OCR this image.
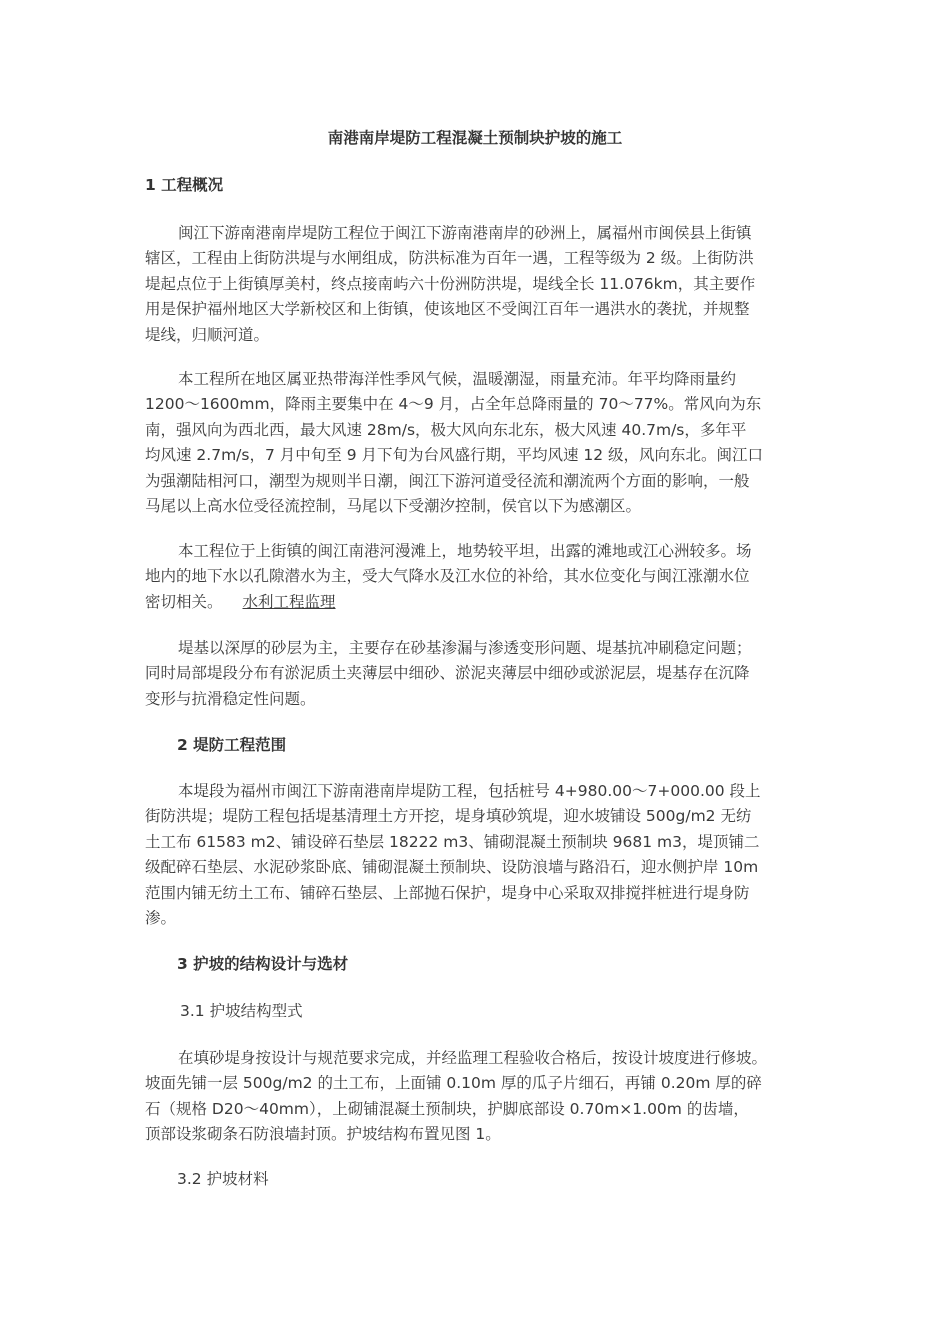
南港南岸堤防工程混凝土预制块护坡的施工
1 工程概况
闽江下游南港南岸堤防工程位于闽江下游南港南岸的砂洲上，属福州市闽侯县上街镇
辖区，工程由上街防洪堤与水闸组成，防洪标准为百年一遇，工程等级为 2 级。上街防洪
堤起点位于上街镇厚美村，终点接南屿六十份洲防洪堤，堤线全长 11.076km，其主要作
用是保护福州地区大学新校区和上街镇，使该地区不受闽江百年一遇洪水的袭扰，并规整
堤线，归顺河道。
本工程所在地区属亚热带海洋性季风气候，温暖潮湿，雨量充沛。年平均降雨量约
1200～1600mm，降雨主要集中在 4～9 月，占全年总降雨量的 70～77%。常风向为东
南，强风向为西北西，最大风速 28m/s，极大风向东北东，极大风速 40.7m/s，多年平
均风速 2.7m/s，7 月中旬至 9 月下旬为台风盛行期，平均风速 12 级，风向东北。闽江口
为强潮陆相河口，潮型为规则半日潮，闽江下游河道受径流和潮流两个方面的影响，一般
马尾以上高水位受径流控制，马尾以下受潮汐控制，侯官以下为感潮区。
本工程位于上街镇的闽江南港河漫滩上，地势较平坦，出露的滩地或江心洲较多。场
地内的地下水以孔隙潜水为主，受大气降水及江水位的补给，其水位变化与闽江涨潮水位
密切相关。 水利工程监理
堤基以深厚的砂层为主，主要存在砂基渗漏与渗透变形问题、堤基抗冲刷稳定问题；
同时局部堤段分布有淤泥质土夹薄层中细砂、淤泥夹薄层中细砂或淤泥层，堤基存在沉降
变形与抗滑稳定性问题。
2 堤防工程范围
本堤段为福州市闽江下游南港南岸堤防工程，包括桩号 4+980.00～7+000.00 段上
街防洪堤；堤防工程包括堤基清理土方开挖，堤身填砂筑堤，迎水坡铺设 500g/m2 无纺
土工布 61583 m2、铺设碎石垫层 18222 m3、铺砌混凝土预制块 9681 m3，堤顶铺二
级配碎石垫层、水泥砂浆卧底、铺砌混凝土预制块、设防浪墙与路沿石，迎水侧护岸 10m
范围内铺无纺土工布、铺碎石垫层、上部抛石保护，堤身中心采取双排搅拌桩进行堤身防
渗。
3 护坡的结构设计与选材
3.1 护坡结构型式
在填砂堤身按设计与规范要求完成，并经监理工程验收合格后，按设计坡度进行修坡。
坡面先铺一层 500g/m2 的土工布，上面铺 0.10m 厚的瓜子片细石，再铺 0.20m 厚的碎
石（规格 D20～40mm），上砌铺混凝土预制块，护脚底部设 0.70m×1.00m 的齿墙，
顶部设浆砌条石防浪墙封顶。护坡结构布置见图 1。
3.2 护坡材料
